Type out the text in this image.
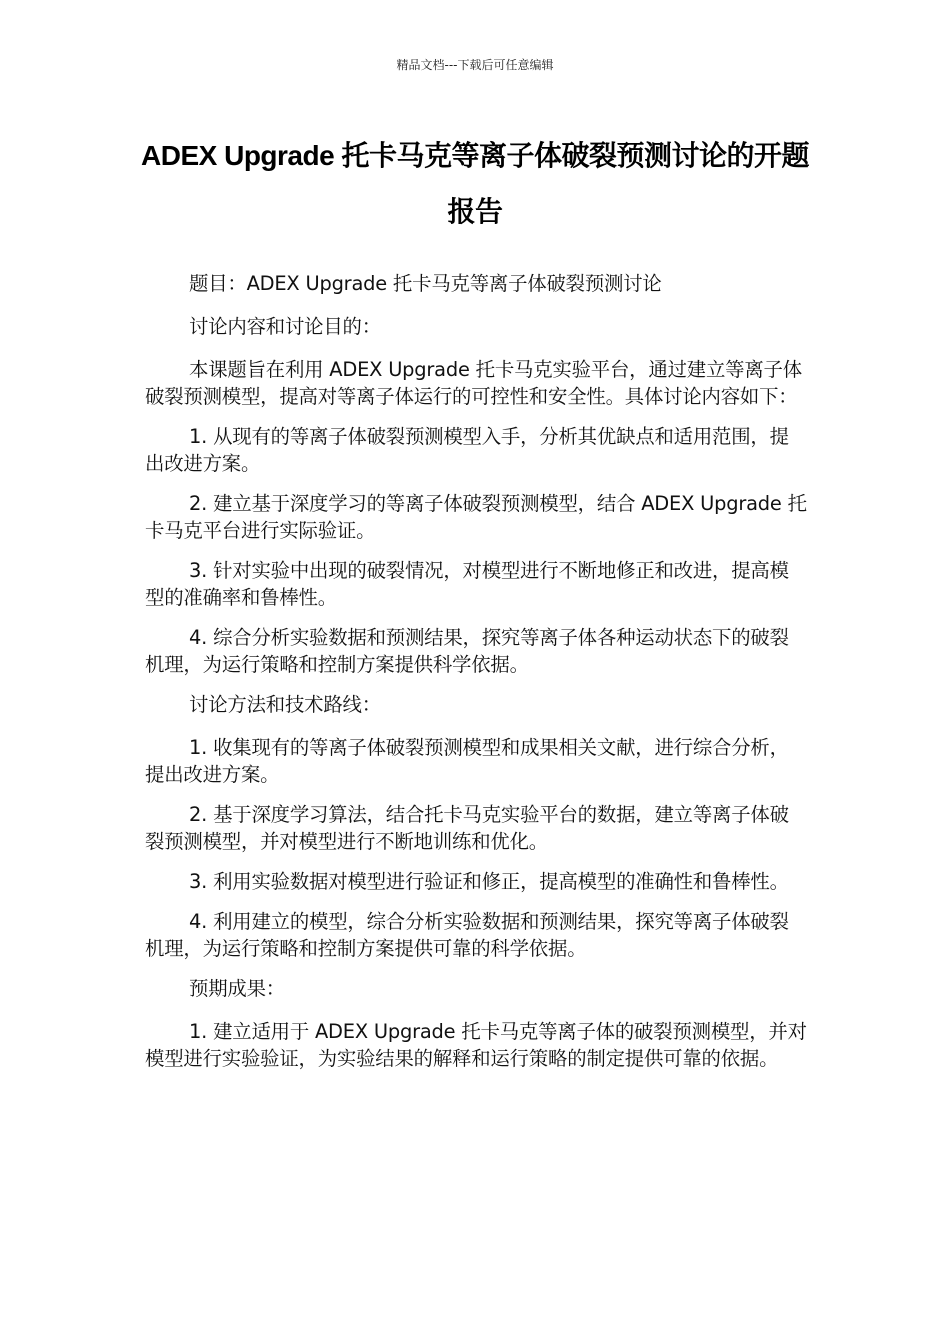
精品文档---下载后可任意编辑
ADEX Upgrade 托卡马克等离子体破裂预测讨论的开题报告

题目：ADEX Upgrade 托卡马克等离子体破裂预测讨论

讨论内容和讨论目的：

本课题旨在利用 ADEX Upgrade 托卡马克实验平台，通过建立等离子体破裂预测模型，提高对等离子体运行的可控性和安全性。具体讨论内容如下：

1. 从现有的等离子体破裂预测模型入手，分析其优缺点和适用范围，提出改进方案。

2. 建立基于深度学习的等离子体破裂预测模型，结合 ADEX Upgrade 托卡马克平台进行实际验证。

3. 针对实验中出现的破裂情况，对模型进行不断地修正和改进，提高模型的准确率和鲁棒性。

4. 综合分析实验数据和预测结果，探究等离子体各种运动状态下的破裂机理，为运行策略和控制方案提供科学依据。

讨论方法和技术路线：

1. 收集现有的等离子体破裂预测模型和成果相关文献，进行综合分析，提出改进方案。

2. 基于深度学习算法，结合托卡马克实验平台的数据，建立等离子体破裂预测模型，并对模型进行不断地训练和优化。

3. 利用实验数据对模型进行验证和修正，提高模型的准确性和鲁棒性。

4. 利用建立的模型，综合分析实验数据和预测结果，探究等离子体破裂机理，为运行策略和控制方案提供可靠的科学依据。

预期成果：

1. 建立适用于 ADEX Upgrade 托卡马克等离子体的破裂预测模型，并对模型进行实验验证，为实验结果的解释和运行策略的制定提供可靠的依据。
